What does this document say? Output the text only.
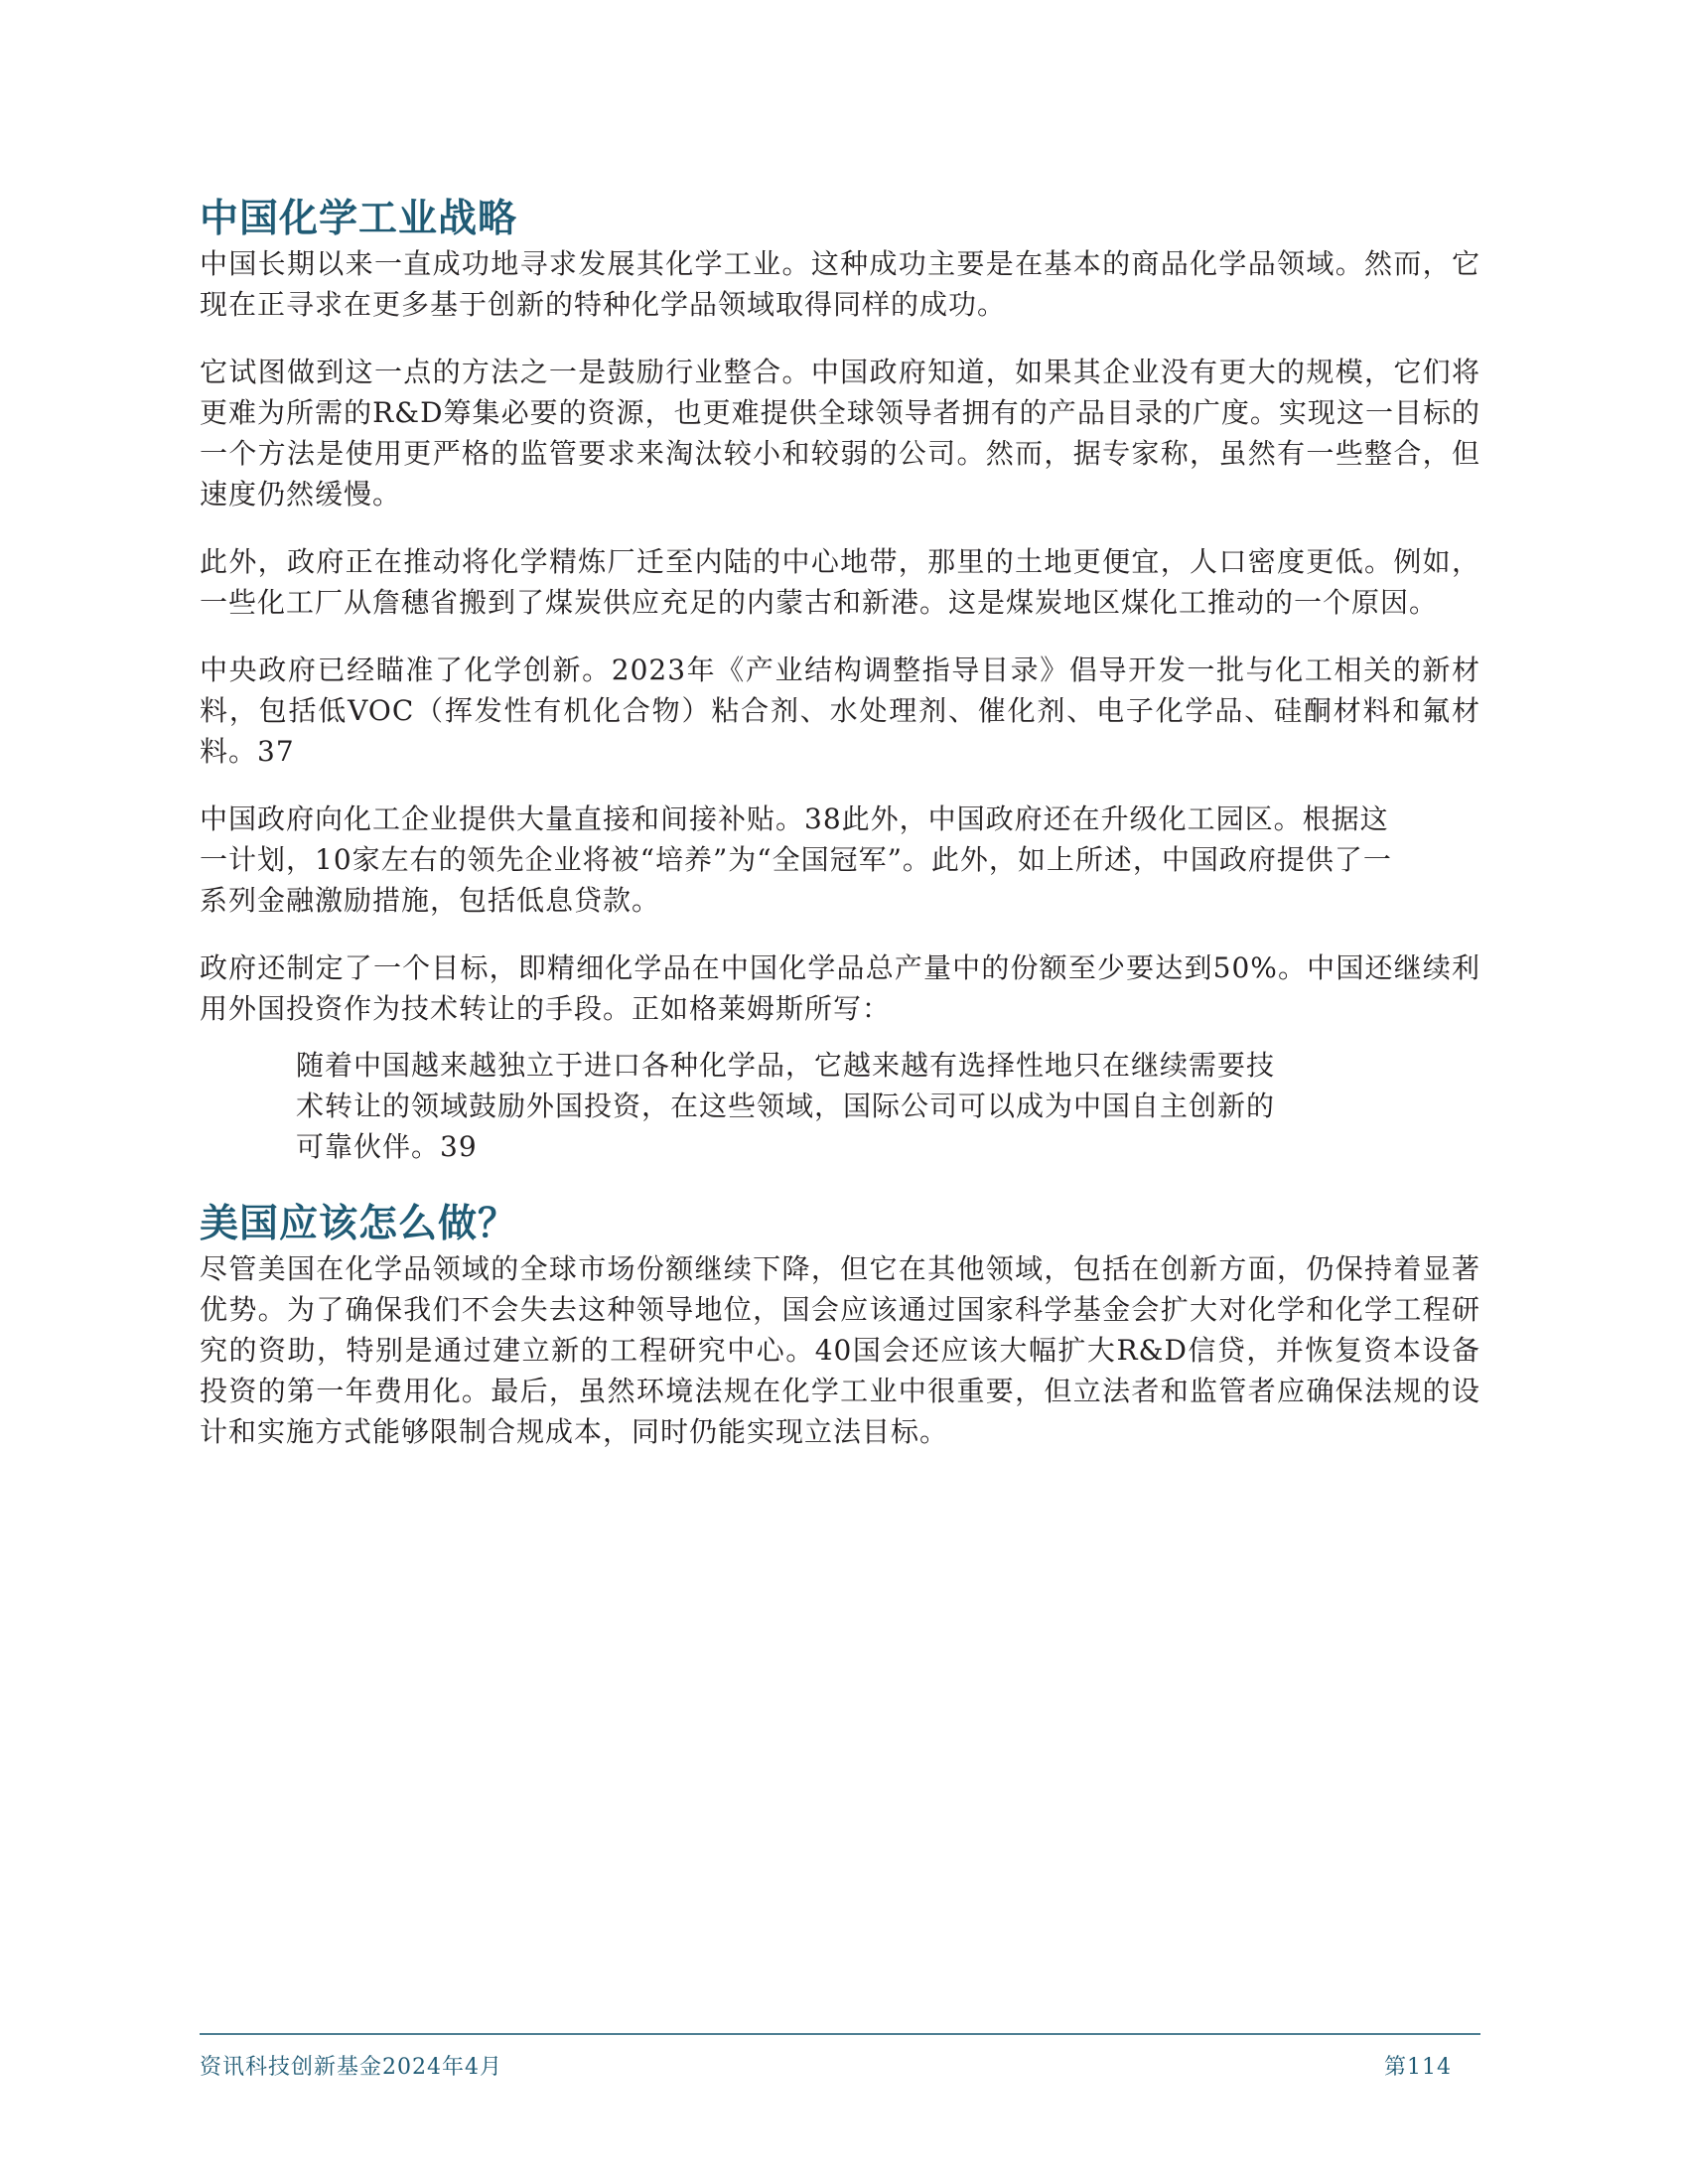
中国化学工业战略

中国长期以来一直成功地寻求发展其化学工业。这种成功主要是在基本的商品化学品领域。然而，它现在正寻求在更多基于创新的特种化学品领域取得同样的成功。

它试图做到这一点的方法之一是鼓励行业整合。中国政府知道，如果其企业没有更大的规模，它们将更难为所需的R&D筹集必要的资源，也更难提供全球领导者拥有的产品目录的广度。实现这一目标的一个方法是使用更严格的监管要求来淘汰较小和较弱的公司。然而，据专家称，虽然有一些整合，但速度仍然缓慢。

此外，政府正在推动将化学精炼厂迁至内陆的中心地带，那里的土地更便宜，人口密度更低。例如，一些化工厂从詹穗省搬到了煤炭供应充足的内蒙古和新港。这是煤炭地区煤化工推动的一个原因。

中央政府已经瞄准了化学创新。2023年《产业结构调整指导目录》倡导开发一批与化工相关的新材料，包括低VOC（挥发性有机化合物）粘合剂、水处理剂、催化剂、电子化学品、硅酮材料和氟材料。37

中国政府向化工企业提供大量直接和间接补贴。38此外，中国政府还在升级化工园区。根据这一计划，10家左右的领先企业将被“培养”为“全国冠军”。此外，如上所述，中国政府提供了一系列金融激励措施，包括低息贷款。

政府还制定了一个目标，即精细化学品在中国化学品总产量中的份额至少要达到50%。中国还继续利用外国投资作为技术转让的手段。正如格莱姆斯所写：

随着中国越来越独立于进口各种化学品，它越来越有选择性地只在继续需要技术转让的领域鼓励外国投资，在这些领域，国际公司可以成为中国自主创新的可靠伙伴。39
美国应该怎么做？

尽管美国在化学品领域的全球市场份额继续下降，但它在其他领域，包括在创新方面，仍保持着显著优势。为了确保我们不会失去这种领导地位，国会应该通过国家科学基金会扩大对化学和化学工程研究的资助，特别是通过建立新的工程研究中心。40国会还应该大幅扩大R&D信贷，并恢复资本设备投资的第一年费用化。最后，虽然环境法规在化学工业中很重要，但立法者和监管者应确保法规的设计和实施方式能够限制合规成本，同时仍能实现立法目标。

资讯科技创新基金2024年4月	第114
